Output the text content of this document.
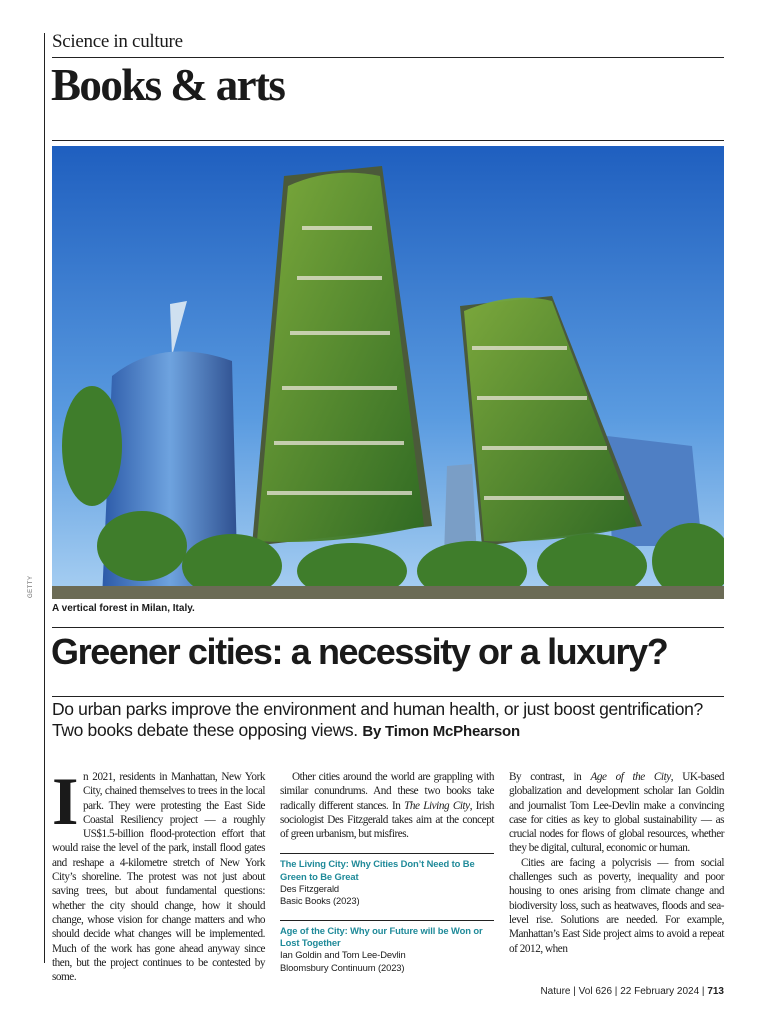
GETTY
Science in culture
Books & arts
A vertical forest in Milan, Italy.
Greener cities: a necessity or a luxury?
Do urban parks improve the environment and human health, or just boost gentrification? Two books debate these opposing views. By Timon McPhearson
I n 2021, residents in Manhattan, New York City, chained themselves to trees in the local park. They were protesting the East Side Coastal Resiliency project — a roughly US$1.5-billion flood-protection effort that would raise the level of the park, install flood gates and reshape a 4-kilometre stretch of New York City’s shoreline. The protest was not just about saving trees, but about fundamental questions: whether the city should change, how it should change, whose vision for change matters and who should decide what changes will be implemented. Much of the work has gone ahead anyway since then, but the project continues to be contested by some.

Other cities around the world are grappling with similar conundrums. And these two books take radically different stances. In The Living City, Irish sociologist Des Fitzgerald takes aim at the concept of green urbanism, but misfires.

The Living City: Why Cities Don’t Need to Be Green to Be Great
Des Fitzgerald
Basic Books (2023)
Age of the City: Why our Future will be Won or Lost Together
Ian Goldin and Tom Lee-Devlin
Bloomsbury Continuum (2023)

By contrast, in Age of the City, UK-based globalization and development scholar Ian Goldin and journalist Tom Lee-Devlin make a convincing case for cities as key to global sustainability — as crucial nodes for flows of global resources, whether they be digital, cultural, economic or human.

Cities are facing a polycrisis — from social challenges such as poverty, inequality and poor housing to ones arising from climate change and biodiversity loss, such as heatwaves, floods and sea-level rise. Solutions are needed. For example, Manhattan’s East Side project aims to avoid a repeat of 2012, when

Nature | Vol 626 | 22 February 2024 | 713
